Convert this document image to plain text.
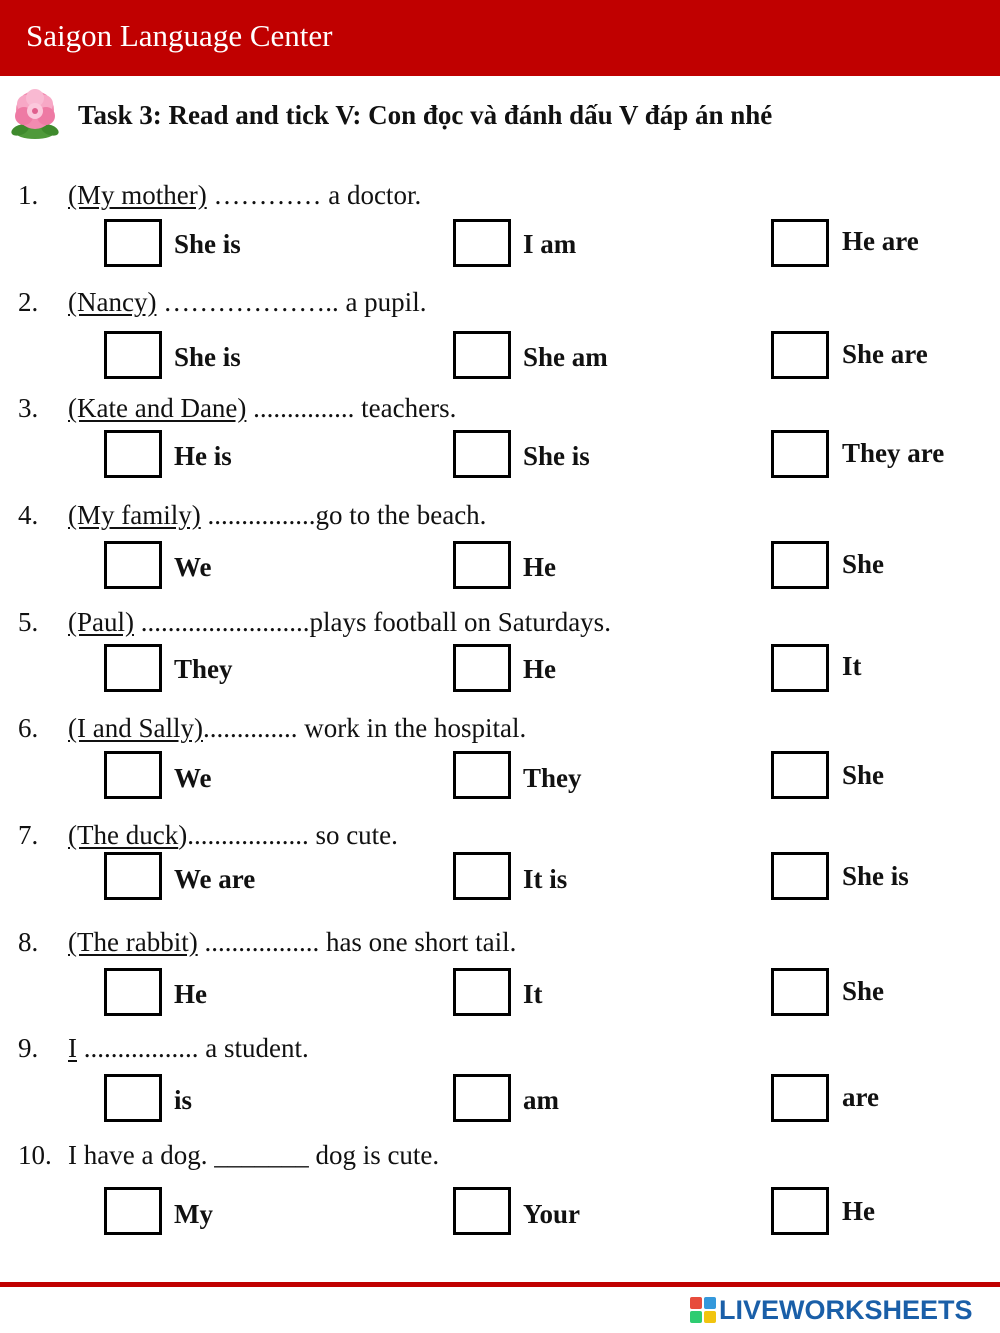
Saigon Language Center
Task 3: Read and tick V: Con đọc và đánh dấu V đáp án nhé
1. (My mother) ………… a doctor.
She is	I am	He are
2. (Nancy) ……………….. a pupil.
She is	She am	She are
3. (Kate and Dane) ............... teachers.
He is	She is	They are
4. (My family) ................go to the beach.
We	He	She
5. (Paul) .........................plays football on Saturdays.
They	He	It
6. (I and Sally).............. work in the hospital.
We	They	She
7. (The duck).................. so cute.
We are	It is	She is
8. (The rabbit) ................. has one short tail.
He	It	She
9. I ................. a student.
is	am	are
10. I have a dog. _______ dog is cute.
My	Your	He
LIVEWORKSHEETS
